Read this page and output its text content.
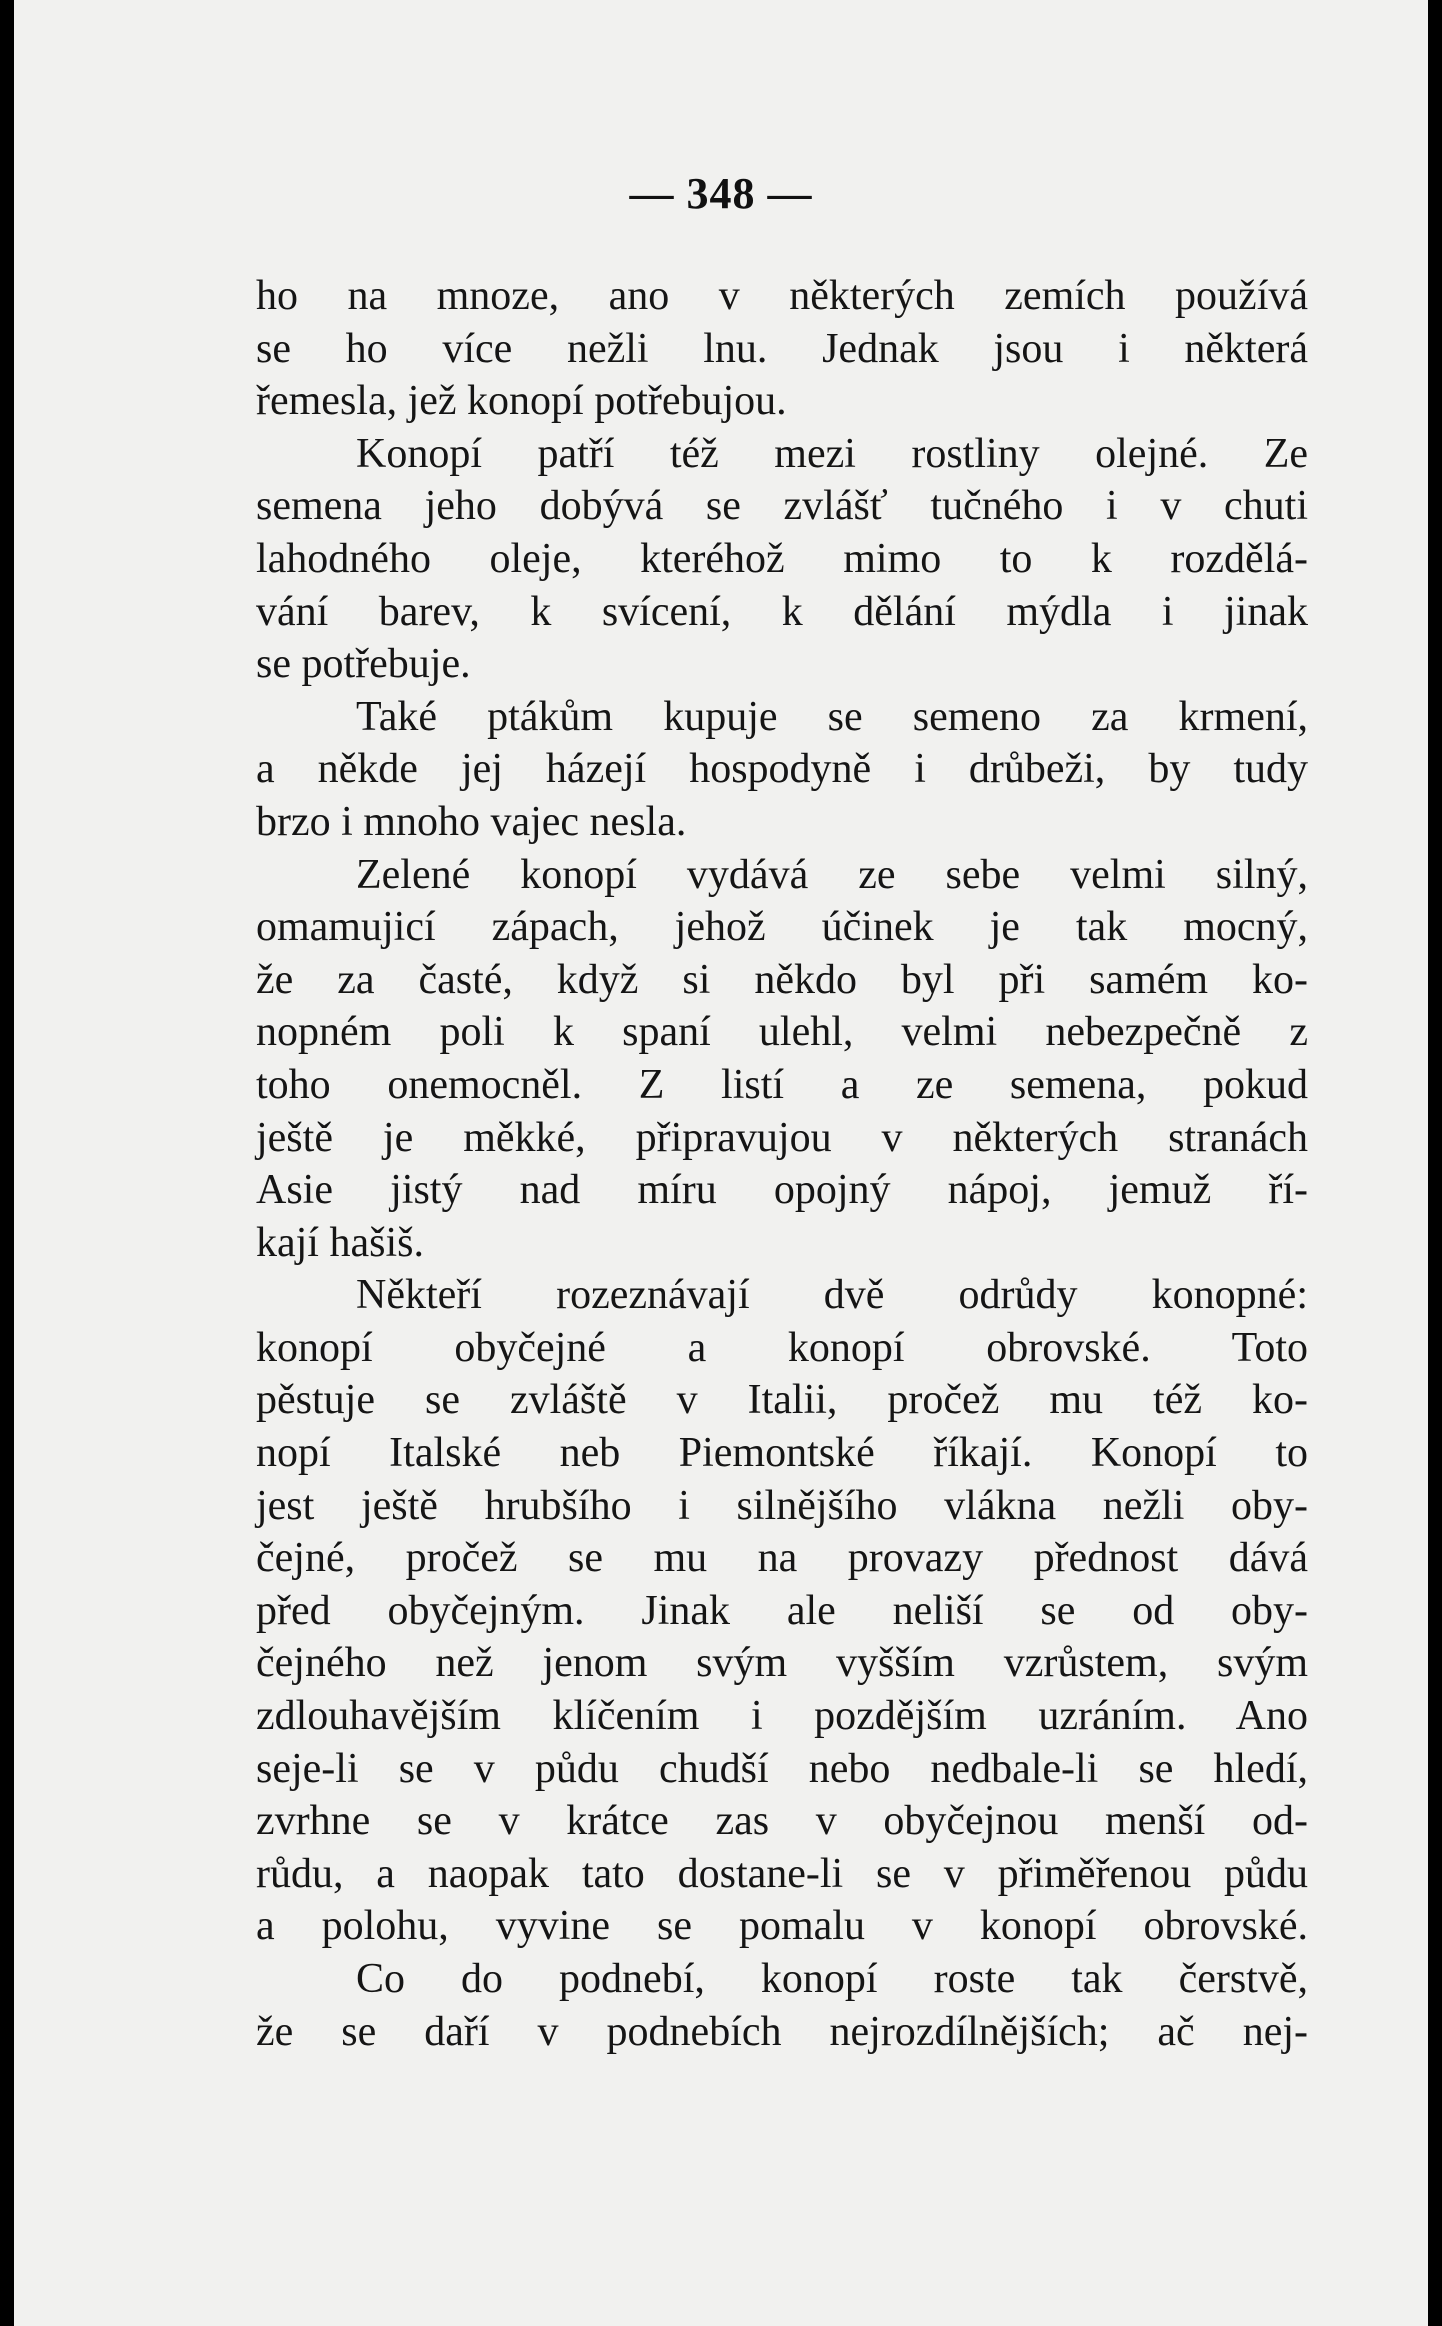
— 348 —
ho na mnoze, ano v některých zemích používá
se ho více nežli lnu. Jednak jsou i některá
řemesla, jež konopí potřebujou.
Konopí patří též mezi rostliny olejné. Ze
semena jeho dobývá se zvlášť tučného i v chuti
lahodného oleje, kteréhož mimo to k rozdělá-
vání barev, k svícení, k dělání mýdla i jinak
se potřebuje.
Také ptákům kupuje se semeno za krmení,
a někde jej házejí hospodyně i drůbeži, by tudy
brzo i mnoho vajec nesla.
Zelené konopí vydává ze sebe velmi silný,
omamujicí zápach, jehož účinek je tak mocný,
že za časté, když si někdo byl při samém ko-
nopném poli k spaní ulehl, velmi nebezpečně z
toho onemocněl. Z listí a ze semena, pokud
ještě je měkké, připravujou v některých stranách
Asie jistý nad míru opojný nápoj, jemuž ří-
kají hašiš.
Někteří rozeznávají dvě odrůdy konopné:
konopí obyčejné a konopí obrovské. Toto
pěstuje se zvláště v Italii, pročež mu též ko-
nopí Italské neb Piemontské říkají. Konopí to
jest ještě hrubšího i silnějšího vlákna nežli oby-
čejné, pročež se mu na provazy přednost dává
před obyčejným. Jinak ale neliší se od oby-
čejného než jenom svým vyšším vzrůstem, svým
zdlouhavějším klíčením i pozdějším uzráním. Ano
seje-li se v půdu chudší nebo nedbale-li se hledí,
zvrhne se v krátce zas v obyčejnou menší od-
růdu, a naopak tato dostane-li se v přiměřenou půdu
a polohu, vyvine se pomalu v konopí obrovské.
Co do podnebí, konopí roste tak čerstvě,
že se daří v podnebích nejrozdílnějších; ač nej-
